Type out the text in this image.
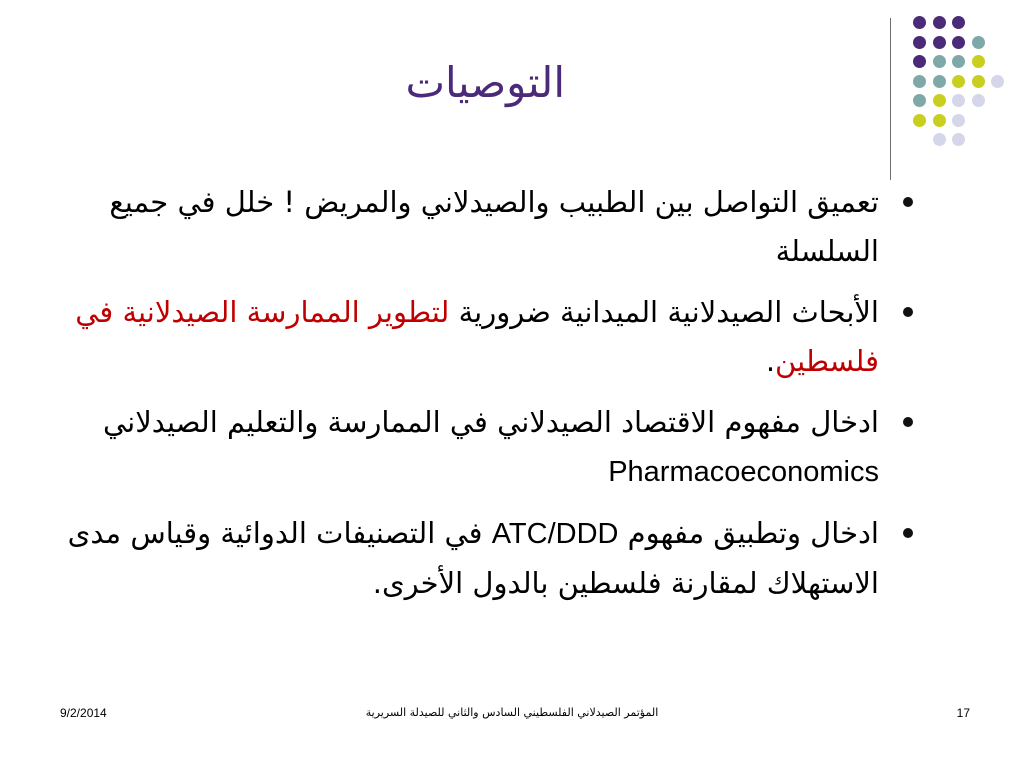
التوصيات
تعميق التواصل بين الطبيب والصيدلاني والمريض ! خلل في جميع السلسلة
الأبحاث الصيدلانية الميدانية ضرورية لتطوير الممارسة الصيدلانية في فلسطين.
ادخال مفهوم الاقتصاد الصيدلاني في الممارسة والتعليم الصيدلاني Pharmacoeconomics
ادخال وتطبيق مفهوم ATC/DDD في التصنيفات الدوائية وقياس مدى الاستهلاك لمقارنة فلسطين بالدول الأخرى.
9/2/2014	المؤتمر الصيدلاني الفلسطيني السادس والثاني للصيدلة السريرية	17
